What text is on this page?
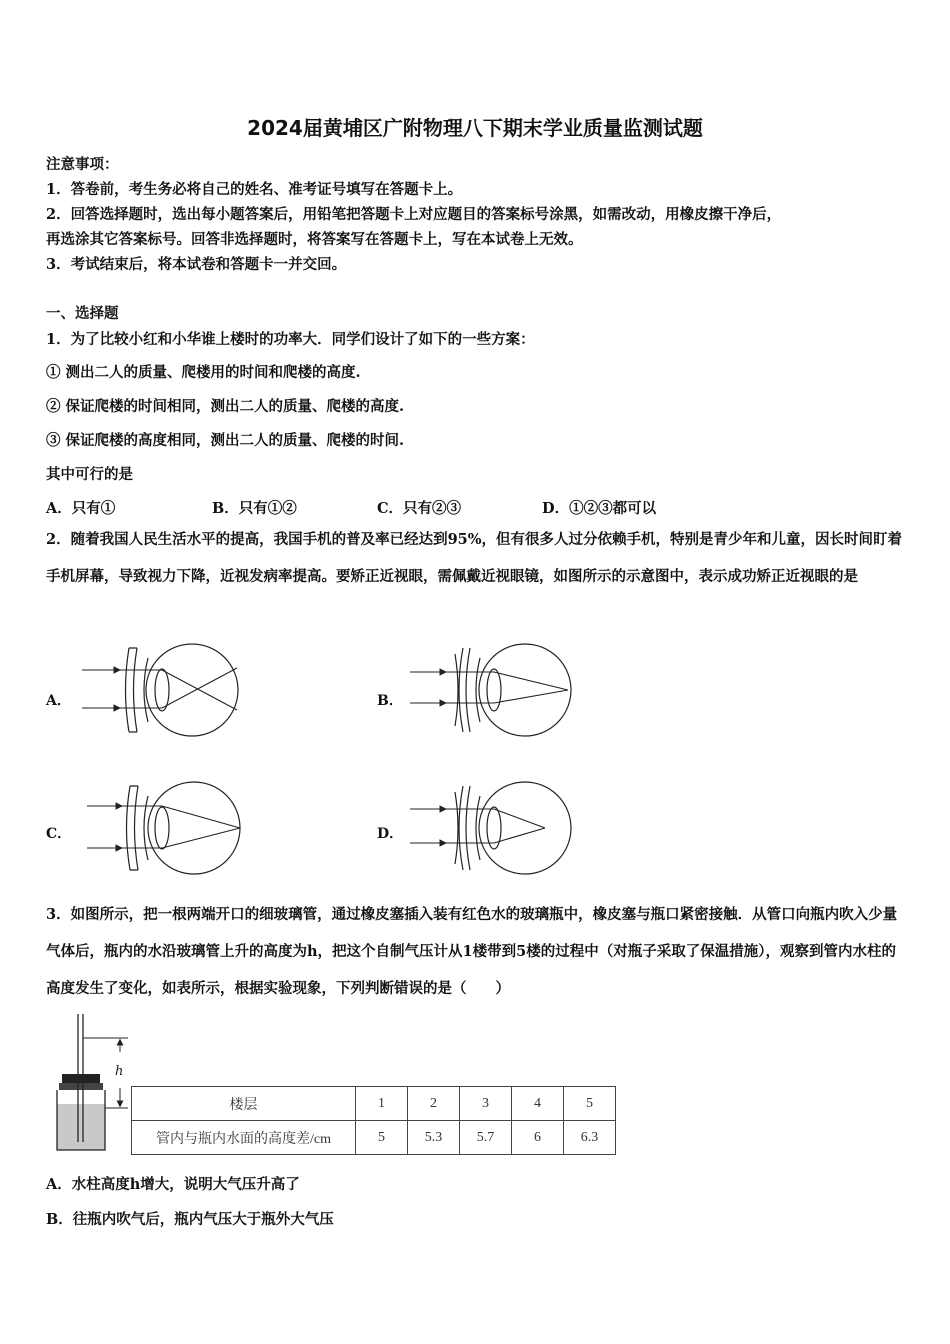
2024届黄埔区广附物理八下期末学业质量监测试题
注意事项：
1．答卷前，考生务必将自己的姓名、准考证号填写在答题卡上。
2．回答选择题时，选出每小题答案后，用铅笔把答题卡上对应题目的答案标号涂黑，如需改动，用橡皮擦干净后，
再选涂其它答案标号。回答非选择题时，将答案写在答题卡上，写在本试卷上无效。
3．考试结束后，将本试卷和答题卡一并交回。
一、选择题
1．为了比较小红和小华谁上楼时的功率大．同学们设计了如下的一些方案：
① 测出二人的质量、爬楼用的时间和爬楼的高度.
② 保证爬楼的时间相同，测出二人的质量、爬楼的高度.
③ 保证爬楼的高度相同，测出二人的质量、爬楼的时间.
其中可行的是
A．只有①	B．只有①②	C．只有②③	D．①②③都可以
2．随着我国人民生活水平的提高，我国手机的普及率已经达到95%，但有很多人过分依赖手机，特别是青少年和儿童，因长时间盯着手机屏幕，导致视力下降，近视发病率提高。要矫正近视眼，需佩戴近视眼镜，如图所示的示意图中，表示成功矫正近视眼的是
A．	B．
C．	D．
3．如图所示，把一根两端开口的细玻璃管，通过橡皮塞插入装有红色水的玻璃瓶中，橡皮塞与瓶口紧密接触．从管口向瓶内吹入少量气体后，瓶内的水沿玻璃管上升的高度为h，把这个自制气压计从1楼带到5楼的过程中（对瓶子采取了保温措施），观察到管内水柱的高度发生了变化，如表所示，根据实验现象，下列判断错误的是（　　）
h
楼层	1	2	3	4	5
管内与瓶内水面的高度差/cm	5	5.3	5.7	6	6.3
A．水柱高度h增大，说明大气压升高了
B．往瓶内吹气后，瓶内气压大于瓶外大气压
